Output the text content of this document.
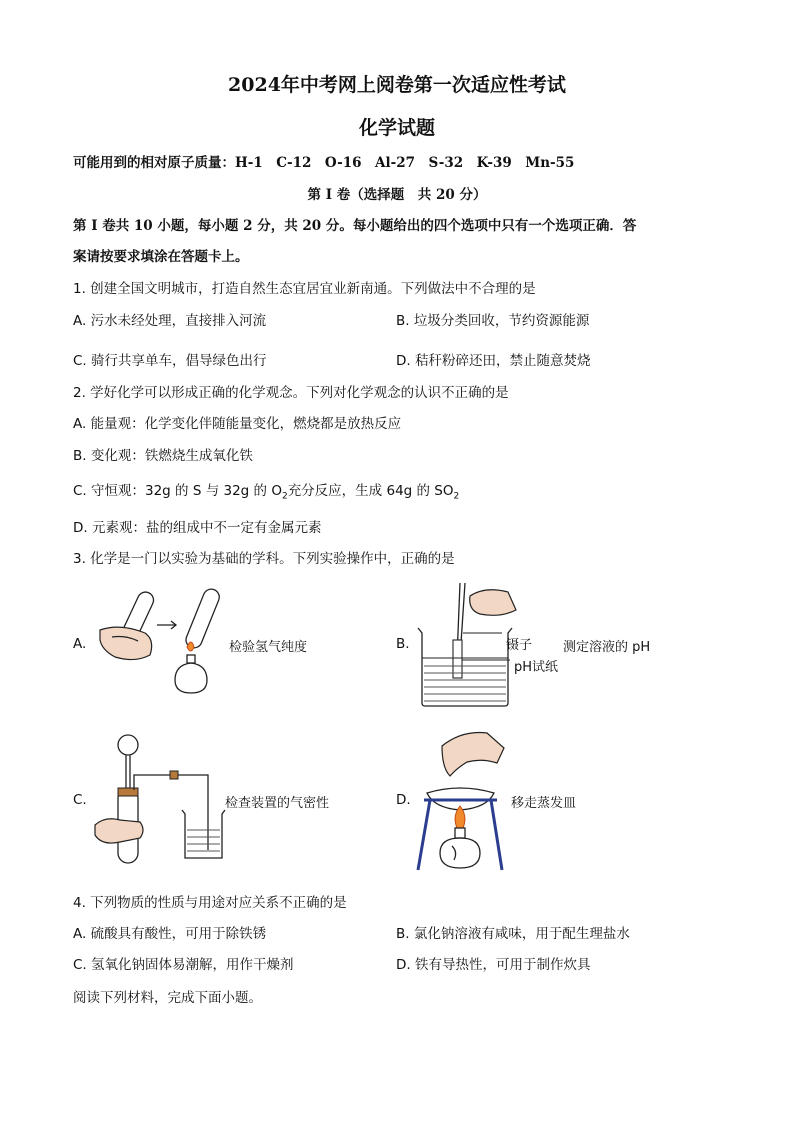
2024年中考网上阅卷第一次适应性考试
化学试题
可能用到的相对原子质量：H-1　C-12　O-16　Al-27　S-32　K-39　Mn-55
第 I 卷（选择题　共 20 分）
第 I 卷共 10 小题，每小题 2 分，共 20 分。每小题给出的四个选项中只有一个选项正确．答
案请按要求填涂在答题卡上。
1. 创建全国文明城市，打造自然生态宜居宜业新南通。下列做法中不合理的是
A. 污水未经处理，直接排入河流	B. 垃圾分类回收，节约资源能源
C. 骑行共享单车，倡导绿色出行	D. 秸秆粉碎还田，禁止随意焚烧
2. 学好化学可以形成正确的化学观念。下列对化学观念的认识不正确的是
A. 能量观：化学变化伴随能量变化，燃烧都是放热反应
B. 变化观：铁燃烧生成氧化铁
C. 守恒观：32g 的 S 与 32g 的 $O_2$充分反应，生成 64g 的 $SO_2$
D. 元素观：盐的组成中不一定有金属元素
3. 化学是一门以实验为基础的学科。下列实验操作中，正确的是
A.	检验氢气纯度	B.	镊子 测定溶液的 pH
pH试纸
C.	检查装置的气密性	D.	移走蒸发皿
4. 下列物质的性质与用途对应关系不正确的是
A. 硫酸具有酸性，可用于除铁锈	B. 氯化钠溶液有咸味，用于配生理盐水
C. 氢氧化钠固体易潮解，用作干燥剂	D. 铁有导热性，可用于制作炊具
阅读下列材料，完成下面小题。
